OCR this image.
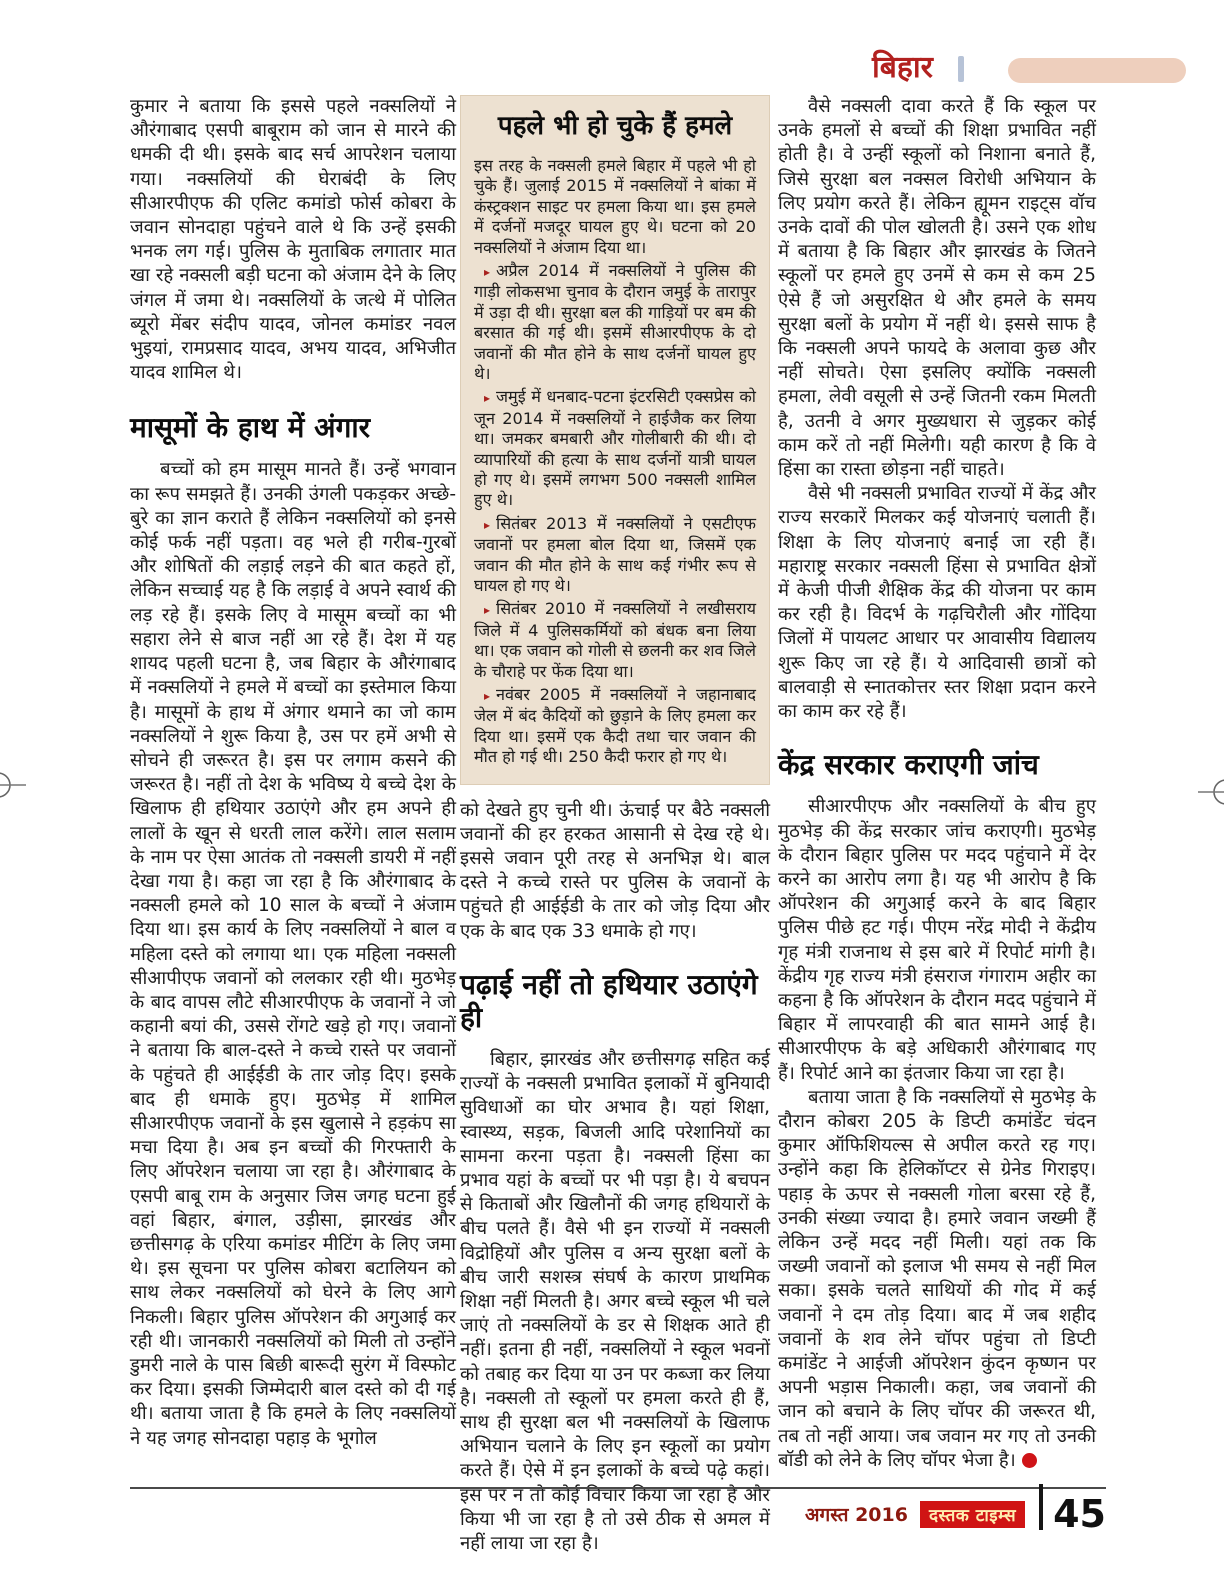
बिहार

कुमार ने बताया कि इससे पहले नक्सलियों ने औरंगाबाद एसपी बाबूराम को जान से मारने की धमकी दी थी। इसके बाद सर्च आपरेशन चलाया गया। नक्सलियों की घेराबंदी के लिए सीआरपीएफ की एलिट कमांडो फोर्स कोबरा के जवान सोनदाहा पहुंचने वाले थे कि उन्हें इसकी भनक लग गई। पुलिस के मुताबिक लगातार मात खा रहे नक्सली बड़ी घटना को अंजाम देने के लिए जंगल में जमा थे। नक्सलियों के जत्थे में पोलित ब्यूरो मेंबर संदीप यादव, जोनल कमांडर नवल भुइयां, रामप्रसाद यादव, अभय यादव, अभिजीत यादव शामिल थे।

मासूमों के हाथ में अंगार

बच्चों को हम मासूम मानते हैं। उन्हें भगवान का रूप समझते हैं। उनकी उंगली पकड़कर अच्छे-बुरे का ज्ञान कराते हैं लेकिन नक्सलियों को इनसे कोई फर्क नहीं पड़ता। वह भले ही गरीब-गुरबों और शोषितों की लड़ाई लड़ने की बात कहते हों, लेकिन सच्चाई यह है कि लड़ाई वे अपने स्वार्थ की लड़ रहे हैं। इसके लिए वे मासूम बच्चों का भी सहारा लेने से बाज नहीं आ रहे हैं। देश में यह शायद पहली घटना है, जब बिहार के औरंगाबाद में नक्सलियों ने हमले में बच्चों का इस्तेमाल किया है। मासूमों के हाथ में अंगार थमाने का जो काम नक्सलियों ने शुरू किया है, उस पर हमें अभी से सोचने ही जरूरत है। इस पर लगाम कसने की जरूरत है। नहीं तो देश के भविष्य ये बच्चे देश के खिलाफ ही हथियार उठाएंगे और हम अपने ही लालों के खून से धरती लाल करेंगे। लाल सलाम के नाम पर ऐसा आतंक तो नक्सली डायरी में नहीं देखा गया है। कहा जा रहा है कि औरंगाबाद के नक्सली हमले को 10 साल के बच्चों ने अंजाम दिया था। इस कार्य के लिए नक्सलियों ने बाल व महिला दस्ते को लगाया था। एक महिला नक्सली सीआपीएफ जवानों को ललकार रही थी। मुठभेड़ के बाद वापस लौटे सीआरपीएफ के जवानों ने जो कहानी बयां की, उससे रोंगटे खड़े हो गए। जवानों ने बताया कि बाल-दस्ते ने कच्चे रास्ते पर जवानों के पहुंचते ही आईईडी के तार जोड़ दिए। इसके बाद ही धमाके हुए। मुठभेड़ में शामिल सीआरपीएफ जवानों के इस खुलासे ने हड़कंप सा मचा दिया है। अब इन बच्चों की गिरफ्तारी के लिए ऑपरेशन चलाया जा रहा है। औरंगाबाद के एसपी बाबू राम के अनुसार जिस जगह घटना हुई वहां बिहार, बंगाल, उड़ीसा, झारखंड और छत्तीसगढ़ के एरिया कमांडर मीटिंग के लिए जमा थे। इस सूचना पर पुलिस कोबरा बटालियन को साथ लेकर नक्सलियों को घेरने के लिए आगे निकली। बिहार पुलिस ऑपरेशन की अगुआई कर रही थी। जानकारी नक्सलियों को मिली तो उन्होंने डुमरी नाले के पास बिछी बारूदी सुरंग में विस्फोट कर दिया। इसकी जिम्मेदारी बाल दस्ते को दी गई थी। बताया जाता है कि हमले के लिए नक्सलियों ने यह जगह सोनदाहा पहाड़ के भूगोल

पहले भी हो चुके हैं हमले

इस तरह के नक्सली हमले बिहार में पहले भी हो चुके हैं। जुलाई 2015 में नक्सलियों ने बांका में कंस्ट्रक्शन साइट पर हमला किया था। इस हमले में दर्जनों मजदूर घायल हुए थे। घटना को 20 नक्सलियों ने अंजाम दिया था।

▸ अप्रैल 2014 में नक्सलियों ने पुलिस की गाड़ी लोकसभा चुनाव के दौरान जमुई के तारापुर में उड़ा दी थी। सुरक्षा बल की गाड़ियों पर बम की बरसात की गई थी। इसमें सीआरपीएफ के दो जवानों की मौत होने के साथ दर्जनों घायल हुए थे।

▸ जमुई में धनबाद-पटना इंटरसिटी एक्सप्रेस को जून 2014 में नक्सलियों ने हाईजैक कर लिया था। जमकर बमबारी और गोलीबारी की थी। दो व्यापारियों की हत्या के साथ दर्जनों यात्री घायल हो गए थे। इसमें लगभग 500 नक्सली शामिल हुए थे।

▸ सितंबर 2013 में नक्सलियों ने एसटीएफ जवानों पर हमला बोल दिया था, जिसमें एक जवान की मौत होने के साथ कई गंभीर रूप से घायल हो गए थे।

▸ सितंबर 2010 में नक्सलियों ने लखीसराय जिले में 4 पुलिसकर्मियों को बंधक बना लिया था। एक जवान को गोली से छलनी कर शव जिले के चौराहे पर फेंक दिया था।

▸ नवंबर 2005 में नक्सलियों ने जहानाबाद जेल में बंद कैदियों को छुड़ाने के लिए हमला कर दिया था। इसमें एक कैदी तथा चार जवान की मौत हो गई थी। 250 कैदी फरार हो गए थे।

को देखते हुए चुनी थी। ऊंचाई पर बैठे नक्सली जवानों की हर हरकत आसानी से देख रहे थे। इससे जवान पूरी तरह से अनभिज्ञ थे। बाल दस्ते ने कच्चे रास्ते पर पुलिस के जवानों के पहुंचते ही आईईडी के तार को जोड़ दिया और एक के बाद एक 33 धमाके हो गए।

पढ़ाई नहीं तो हथियार उठाएंगे ही

बिहार, झारखंड और छत्तीसगढ़ सहित कई राज्यों के नक्सली प्रभावित इलाकों में बुनियादी सुविधाओं का घोर अभाव है। यहां शिक्षा, स्वास्थ्य, सड़क, बिजली आदि परेशानियों का सामना करना पड़ता है। नक्सली हिंसा का प्रभाव यहां के बच्चों पर भी पड़ा है। ये बचपन से किताबों और खिलौनों की जगह हथियारों के बीच पलते हैं। वैसे भी इन राज्यों में नक्सली विद्रोहियों और पुलिस व अन्य सुरक्षा बलों के बीच जारी सशस्त्र संघर्ष के कारण प्राथमिक शिक्षा नहीं मिलती है। अगर बच्चे स्कूल भी चले जाएं तो नक्सलियों के डर से शिक्षक आते ही नहीं। इतना ही नहीं, नक्सलियों ने स्कूल भवनों को तबाह कर दिया या उन पर कब्जा कर लिया है। नक्सली तो स्कूलों पर हमला करते ही हैं, साथ ही सुरक्षा बल भी नक्सलियों के खिलाफ अभियान चलाने के लिए इन स्कूलों का प्रयोग करते हैं। ऐसे में इन इलाकों के बच्चे पढ़े कहां। इस पर न तो कोई विचार किया जा रहा है और किया भी जा रहा है तो उसे ठीक से अमल में नहीं लाया जा रहा है।

वैसे नक्सली दावा करते हैं कि स्कूल पर उनके हमलों से बच्चों की शिक्षा प्रभावित नहीं होती है। वे उन्हीं स्कूलों को निशाना बनाते हैं, जिसे सुरक्षा बल नक्सल विरोधी अभियान के लिए प्रयोग करते हैं। लेकिन ह्यूमन राइट्स वॉच उनके दावों की पोल खोलती है। उसने एक शोध में बताया है कि बिहार और झारखंड के जितने स्कूलों पर हमले हुए उनमें से कम से कम 25 ऐसे हैं जो असुरक्षित थे और हमले के समय सुरक्षा बलों के प्रयोग में नहीं थे। इससे साफ है कि नक्सली अपने फायदे के अलावा कुछ और नहीं सोचते। ऐसा इसलिए क्योंकि नक्सली हमला, लेवी वसूली से उन्हें जितनी रकम मिलती है, उतनी वे अगर मुख्यधारा से जुड़कर कोई काम करें तो नहीं मिलेगी। यही कारण है कि वे हिंसा का रास्ता छोड़ना नहीं चाहते।

वैसे भी नक्सली प्रभावित राज्यों में केंद्र और राज्य सरकारें मिलकर कई योजनाएं चलाती हैं। शिक्षा के लिए योजनाएं बनाई जा रही हैं। महाराष्ट्र सरकार नक्सली हिंसा से प्रभावित क्षेत्रों में केजी पीजी शैक्षिक केंद्र की योजना पर काम कर रही है। विदर्भ के गढ़चिरौली और गोंदिया जिलों में पायलट आधार पर आवासीय विद्यालय शुरू किए जा रहे हैं। ये आदिवासी छात्रों को बालवाड़ी से स्नातकोत्तर स्तर शिक्षा प्रदान करने का काम कर रहे हैं।

केंद्र सरकार कराएगी जांच

सीआरपीएफ और नक्सलियों के बीच हुए मुठभेड़ की केंद्र सरकार जांच कराएगी। मुठभेड़ के दौरान बिहार पुलिस पर मदद पहुंचाने में देर करने का आरोप लगा है। यह भी आरोप है कि ऑपरेशन की अगुआई करने के बाद बिहार पुलिस पीछे हट गई। पीएम नरेंद्र मोदी ने केंद्रीय गृह मंत्री राजनाथ से इस बारे में रिपोर्ट मांगी है। केंद्रीय गृह राज्य मंत्री हंसराज गंगाराम अहीर का कहना है कि ऑपरेशन के दौरान मदद पहुंचाने में बिहार में लापरवाही की बात सामने आई है। सीआरपीएफ के बड़े अधिकारी औरंगाबाद गए हैं। रिपोर्ट आने का इंतजार किया जा रहा है।

बताया जाता है कि नक्सलियों से मुठभेड़ के दौरान कोबरा 205 के डिप्टी कमांडेंट चंदन कुमार ऑफिशियल्स से अपील करते रह गए। उन्होंने कहा कि हेलिकॉप्टर से ग्रेनेड गिराइए। पहाड़ के ऊपर से नक्सली गोला बरसा रहे हैं, उनकी संख्या ज्यादा है। हमारे जवान जख्मी हैं लेकिन उन्हें मदद नहीं मिली। यहां तक कि जख्मी जवानों को इलाज भी समय से नहीं मिल सका। इसके चलते साथियों की गोद में कई जवानों ने दम तोड़ दिया। बाद में जब शहीद जवानों के शव लेने चॉपर पहुंचा तो डिप्टी कमांडेंट ने आईजी ऑपरेशन कुंदन कृष्णन पर अपनी भड़ास निकाली। कहा, जब जवानों की जान को बचाने के लिए चॉपर की जरूरत थी, तब तो नहीं आया। जब जवान मर गए तो उनकी बॉडी को लेने के लिए चॉपर भेजा है।

अगस्त 2016	दस्तक टाइम्स 45
